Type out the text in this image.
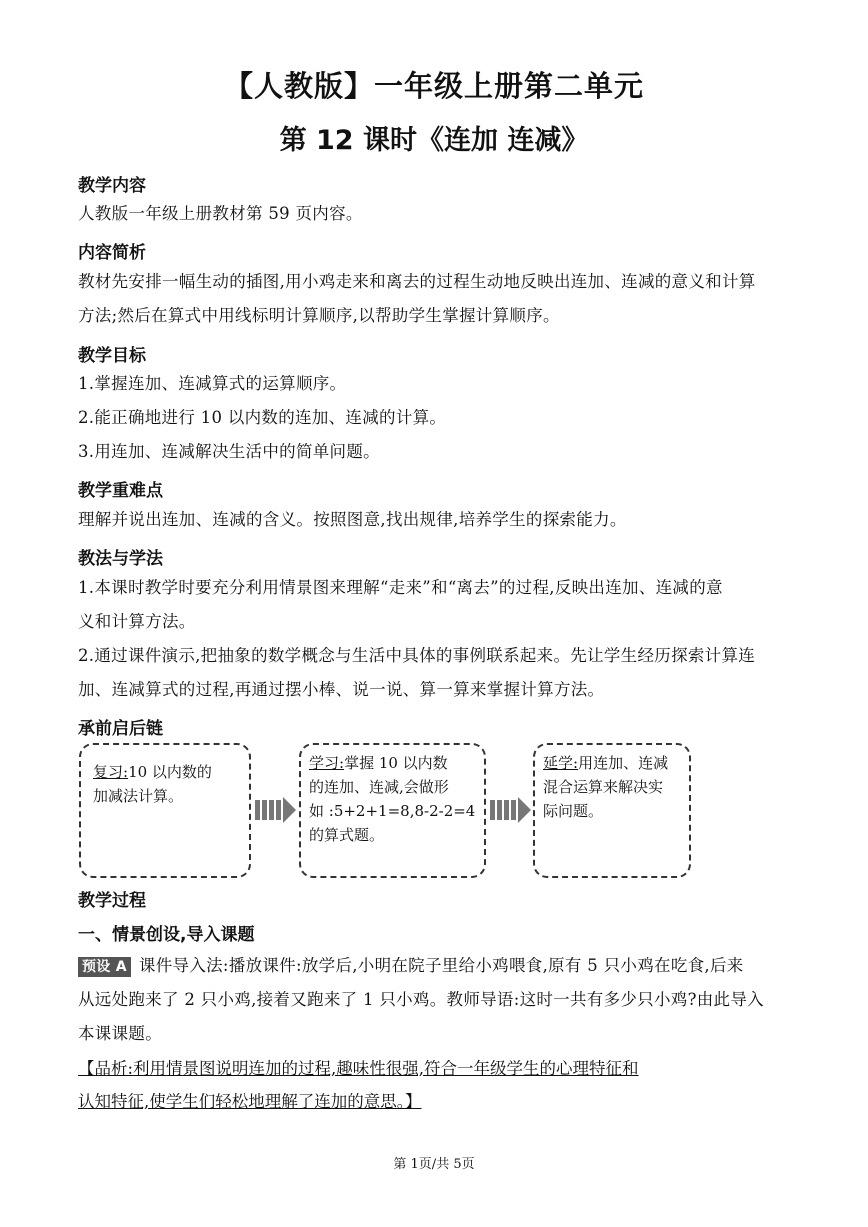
【人教版】一年级上册第二单元
第 12 课时《连加 连减》
教学内容
人教版一年级上册教材第 59 页内容。
内容简析
教材先安排一幅生动的插图,用小鸡走来和离去的过程生动地反映出连加、连减的意义和计算
方法;然后在算式中用线标明计算顺序,以帮助学生掌握计算顺序。
教学目标
1.掌握连加、连减算式的运算顺序。
2.能正确地进行 10 以内数的连加、连减的计算。
3.用连加、连减解决生活中的简单问题。
教学重难点
理解并说出连加、连减的含义。按照图意,找出规律,培养学生的探索能力。
教法与学法
1.本课时教学时要充分利用情景图来理解“走来”和“离去”的过程,反映出连加、连减的意
义和计算方法。
2.通过课件演示,把抽象的数学概念与生活中具体的事例联系起来。先让学生经历探索计算连
加、连减算式的过程,再通过摆小棒、说一说、算一算来掌握计算方法。
承前启后链
复习:10 以内数的
加减法计算。
学习:掌握 10 以内数
的连加、连减,会做形
如 :5+2+1=8,8-2-2=4
的算式题。
延学:用连加、连减
混合运算来解决实
际问题。
教学过程
一、情景创设,导入课题
预设 A 课件导入法:播放课件:放学后,小明在院子里给小鸡喂食,原有 5 只小鸡在吃食,后来
从远处跑来了 2 只小鸡,接着又跑来了 1 只小鸡。教师导语:这时一共有多少只小鸡?由此导入
本课课题。
【品析:利用情景图说明连加的过程,趣味性很强,符合一年级学生的心理特征和
认知特征,使学生们轻松地理解了连加的意思。】
第 1页/共 5页
